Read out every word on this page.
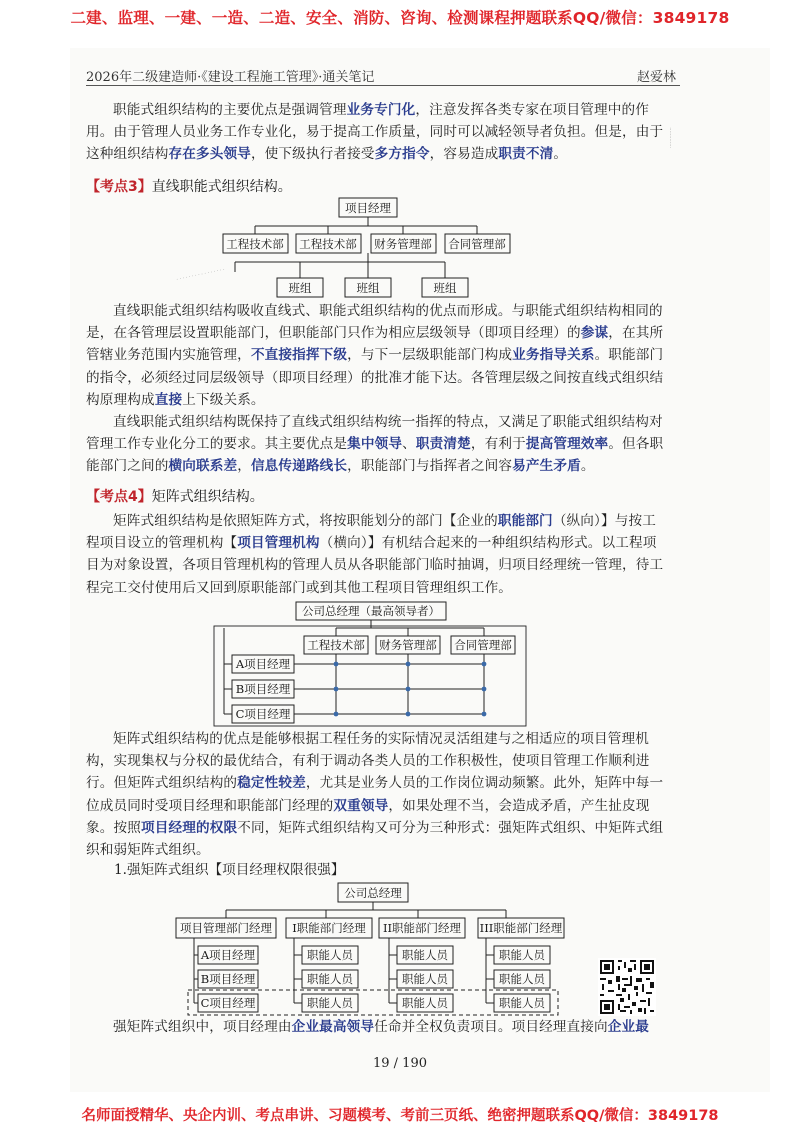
二建、监理、一建、一造、二造、安全、消防、咨询、检测课程押题联系QQ/微信：3849178
2026年二级建造师·《建设工程施工管理》·通关笔记	赵爱林
·············

职能式组织结构的主要优点是强调管理业务专门化，注意发挥各类专家在项目管理中的作用。由于管理人员业务工作专业化，易于提高工作质量，同时可以减轻领导者负担。但是，由于这种组织结构存在多头领导，使下级执行者接受多方指令，容易造成职责不清。

【考点3】直线职能式组织结构。
项目经理
工程技术部 工程技术部 财务管理部 合同管理部
班组	班组	班组
· · · · · · · · · · · · · · · ·

直线职能式组织结构吸收直线式、职能式组织结构的优点而形成。与职能式组织结构相同的是，在各管理层设置职能部门，但职能部门只作为相应层级领导（即项目经理）的参谋，在其所管辖业务范围内实施管理，不直接指挥下级，与下一层级职能部门构成业务指导关系。职能部门的指令，必须经过同层级领导（即项目经理）的批准才能下达。各管理层级之间按直线式组织结构原理构成直接上下级关系。

直线职能式组织结构既保持了直线式组织结构统一指挥的特点，又满足了职能式组织结构对管理工作专业化分工的要求。其主要优点是集中领导、职责清楚，有利于提高管理效率。但各职能部门之间的横向联系差，信息传递路线长，职能部门与指挥者之间容易产生矛盾。

【考点4】矩阵式组织结构。

矩阵式组织结构是依照矩阵方式，将按职能划分的部门【企业的职能部门（纵向）】与按工程项目设立的管理机构【项目管理机构（横向）】有机结合起来的一种组织结构形式。以工程项目为对象设置，各项目管理机构的管理人员从各职能部门临时抽调，归项目经理统一管理，待工程完工交付使用后又回到原职能部门或到其他工程项目管理组织工作。

公司总经理（最高领导者）
工程技术部 财务管理部 合同管理部
A项目经理
B项目经理
C项目经理

矩阵式组织结构的优点是能够根据工程任务的实际情况灵活组建与之相适应的项目管理机构，实现集权与分权的最优结合，有利于调动各类人员的工作积极性，使项目管理工作顺利进行。但矩阵式组织结构的稳定性较差，尤其是业务人员的工作岗位调动频繁。此外，矩阵中每一位成员同时受项目经理和职能部门经理的双重领导，如果处理不当，会造成矛盾，产生扯皮现象。按照项目经理的权限不同，矩阵式组织结构又可分为三种形式：强矩阵式组织、中矩阵式组织和弱矩阵式组织。

1.强矩阵式组织【项目经理权限很强】
公司总经理
项目管理部门经理 I职能部门经理 II职能部门经理 III职能部门经理
A项目经理
B项目经理
C项目经理
职能人员
职能人员
职能人员
职能人员
职能人员
职能人员
职能人员
职能人员
职能人员

强矩阵式组织中，项目经理由企业最高领导任命并全权负责项目。项目经理直接向企业最

19 / 190
名师面授精华、央企内训、考点串讲、习题模考、考前三页纸、绝密押题联系QQ/微信：3849178
